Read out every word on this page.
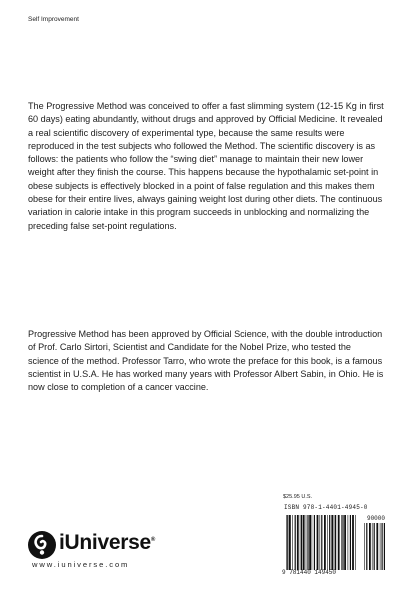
Self Improvement
The Progressive Method was conceived to offer a fast slimming system (12-15 Kg in first 60 days) eating abundantly, without drugs and approved by Official Medicine. It revealed a real scientific discovery of experimental type, because the same results were reproduced in the test subjects who followed the Method. The scientific discovery is as follows: the patients who follow the “swing diet” manage to maintain their new lower weight after they finish the course. This happens because the hypothalamic set-point in obese subjects is effectively blocked in a point of false regulation and this makes them obese for their entire lives, always gaining weight lost during other diets. The continuous variation in calorie intake in this program succeeds in unblocking and normalizing the preceding false set-point regulations.
Progressive Method has been approved by Official Science, with the double introduction of Prof. Carlo Sirtori, Scientist and Candidate for the Nobel Prize, who tested the science of the method. Professor Tarro, who wrote the preface for this book, is a famous scientist in U.S.A. He has worked many years with Professor Albert Sabin, in Ohio. He is now close to completion of a cancer vaccine.
$25.95 U.S.
ISBN 978-1-4401-4945-0
90000
9 781440 149450
iUniverse®
www.iuniverse.com
